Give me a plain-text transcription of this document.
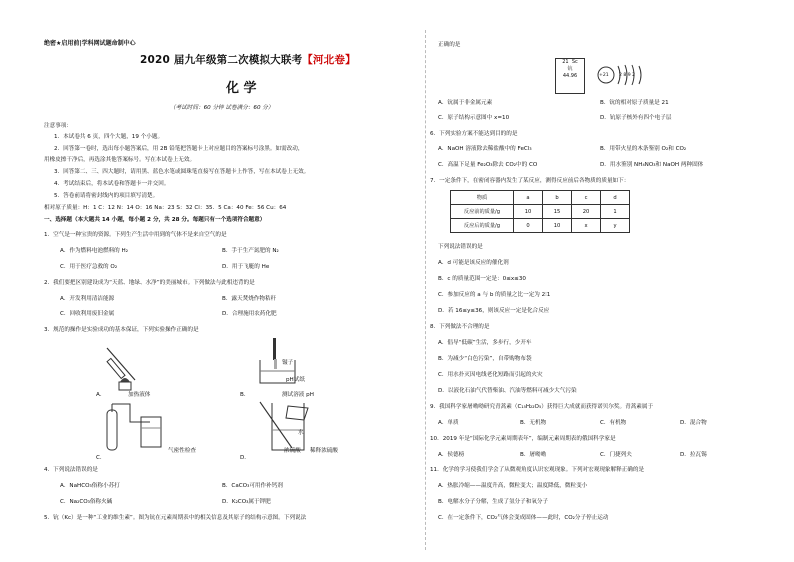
绝密★启用前|学科网试题命制中心
2020 届九年级第二次模拟大联考【河北卷】
化 学
（考试时间：60 分钟 试卷满分：60 分）
注意事项：
1．本试卷共 6 页，四个大题，19 个小题。
2．回答第一卷时，选出每小题答案后，用 2B 铅笔把答题卡上对应题目的答案标号涂黑。如需改动，
用橡皮擦干净后，再选涂其他答案标号。写在本试卷上无效。
3．回答第二、三、四大题时，请用黑、蓝色水笔或圆珠笔直接写在答题卡上作答，写在本试卷上无效。
4．考试结束后，将本试卷和答题卡一并交回。
5．答卷前请将密封线内的项目填写清楚。
相对原子质量：H：1 C：12 N：14 O：16 Na：23 S：32 Cl：35．5 Ca：40 Fe：56 Cu：64
一、选择题（本大题共 14 小题，每小题 2 分，共 28 分。每题只有一个选项符合题意）
1．空气是一种宝贵的资源。下列生产生活中用到的气体不是来自空气的是
A．作为燃料电池燃料的 H₂	B．手于生产氮肥的 N₂
C．用于医疗急救的 O₂	D．用于飞艇的 He
2．我们要把区别建设成为“天蓝、地绿、水净”的美丽城市。下列做法与此相违背的是
A．开发利用清洁能源	B．露天焚烧作物秸秆
C．回收利用废旧金属	D．合理施用农药化肥
3．规范的操作是实验成功的基本保证，下列实验操作正确的是
A．	加热液体
镊子
pH试纸
B．	测试溶液 pH
C．
气密性检查
水
浓硫酸
D．
稀释浓硫酸
4．下列说法错误的是
A．NaHCO₃俗称小苏打	B．CaCO₃可用作补钙剂
C．Na₂CO₃俗称火碱	D．K₂CO₃属于钾肥
5．钪（Kc）是一种“工业的维生素”。图为钪在元素周期表中的相关信息及其原子的结构示意图。下列说法
正确的是
21 Sc
钪
44.96	+21 2 8 9 2
A．钪属于非金属元素	B．钪的相对原子质量是 21
C．原子结构示意图中 x=10	D．钪原子核外有四个电子层
6．下列实验方案不能达到目的的是
A．NaOH 溶液除去稀盐酸中的 FeCl₃	B．用带火星的木条鉴别 O₂和 CO₂
C．高温下足量 Fe₂O₃除去 CO₂中的 CO	D．用水鉴别 NH₄NO₃和 NaOH 两种固体
7．一定条件下，在密闭容器内发生了某反应，测得反应前后各物质的质量如下：
物质	a	b	c	d
反应前的质量/g	10	15	20	1
反应后的质量/g	0	10	x	y
下列说法错误的是
A．d 可能是该反应的催化剂
B．c 的质量范围一定是：0≤x≤30
C．参加反应的 a 与 b 的质量之比一定为 2∶1
D．若 16≤y≤36，则该反应一定是化合反应
8．下列做法不合理的是
A．倡导“低碳”生活，多步行，少开车
B．为减少“白色污染”，自带购物布袋
C．用水扑灭因电线老化短路而引起的火灾
D．以液化石油气代替柴油、汽油等燃料可减少大气污染
9．我国科学家屠呦呦研究青蒿素（C₁₅H₂₂O₅）获得巨大成就而获得诺贝尔奖。青蒿素属于
A．单质	B．无机物	C．有机物	D．混合物
10．2019 年是“国际化学元素周期表年”，编制元素周期表的俄国科学家是
A．侯德榜	B．屠呦呦	C．门捷列夫	D．拉瓦锡
11．化学的学习使我们学会了从微观角度认识宏观现象。下列对宏观现象解释正确的是
A．热胀冷缩——温度升高，微粒变大；温度降低，微粒变小
B．电解水分子分解，生成了氢分子和氧分子
C．在一定条件下，CO₂气体会变成固体——此时，CO₂分子停止运动
